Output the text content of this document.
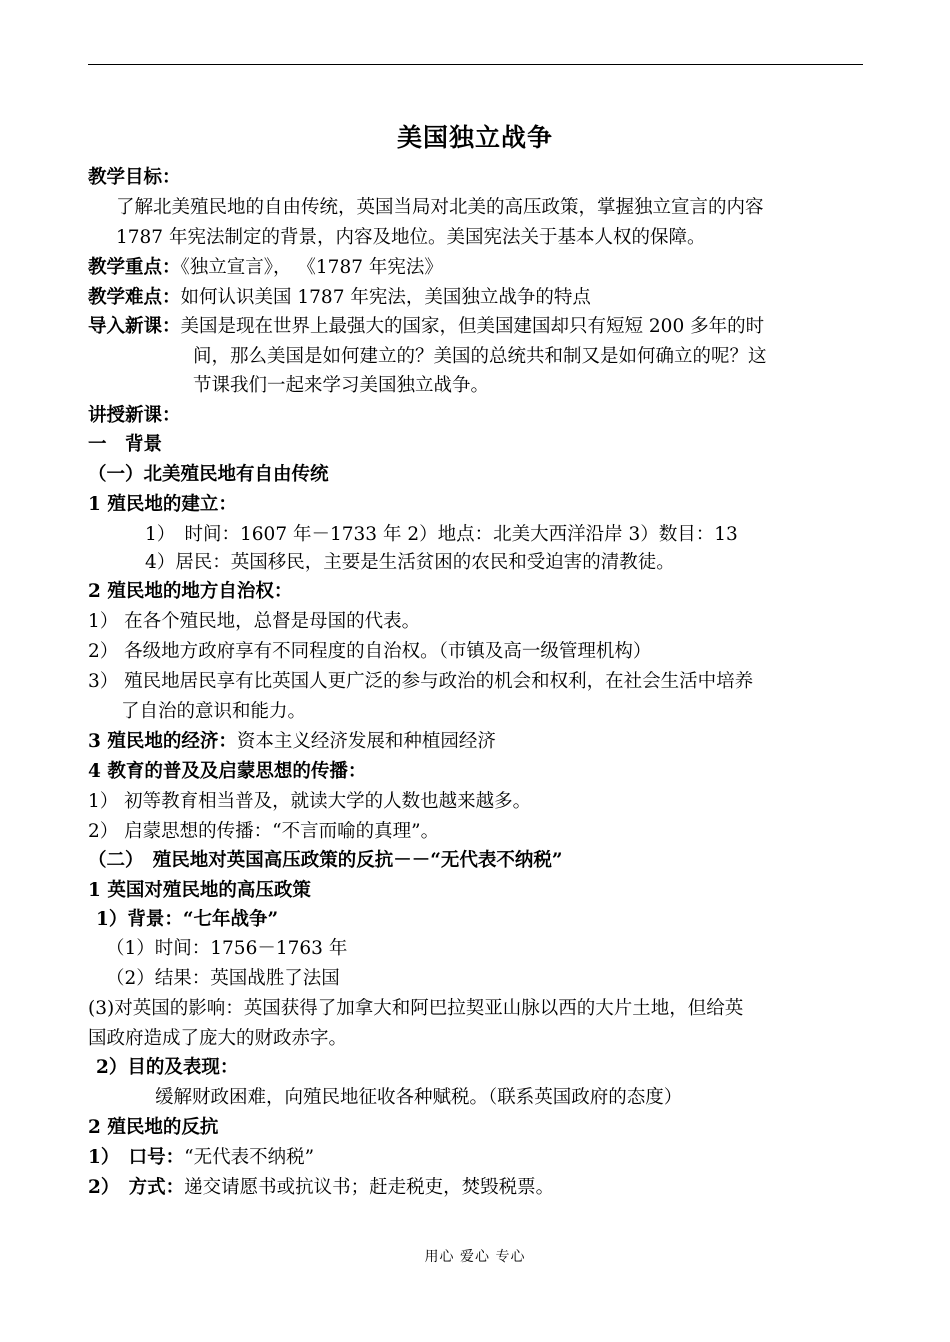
美国独立战争
教学目标：
了解北美殖民地的自由传统，英国当局对北美的高压政策，掌握独立宣言的内容
1787 年宪法制定的背景，内容及地位。美国宪法关于基本人权的保障。
教学重点：《独立宣言》， 《1787 年宪法》
教学难点：如何认识美国 1787 年宪法，美国独立战争的特点
导入新课：美国是现在世界上最强大的国家，但美国建国却只有短短 200 多年的时
间，那么美国是如何建立的？美国的总统共和制又是如何确立的呢？这
节课我们一起来学习美国独立战争。
讲授新课：
一　背景
（一）北美殖民地有自由传统
1 殖民地的建立：
1）　时间：1607 年－1733 年 2）地点：北美大西洋沿岸 3）数目：13
4）居民：英国移民，主要是生活贫困的农民和受迫害的清教徒。
2 殖民地的地方自治权：
1） 在各个殖民地，总督是母国的代表。
2） 各级地方政府享有不同程度的自治权。（市镇及高一级管理机构）
3） 殖民地居民享有比英国人更广泛的参与政治的机会和权利，在社会生活中培养
了自治的意识和能力。
3 殖民地的经济：资本主义经济发展和种植园经济
4 教育的普及及启蒙思想的传播：
1） 初等教育相当普及，就读大学的人数也越来越多。
2） 启蒙思想的传播：“不言而喻的真理”。
（二）　殖民地对英国高压政策的反抗－－“无代表不纳税”
1 英国对殖民地的高压政策
1）背景：“七年战争”
（1）时间：1756－1763 年
（2）结果：英国战胜了法国
(3)对英国的影响：英国获得了加拿大和阿巴拉契亚山脉以西的大片土地，但给英
国政府造成了庞大的财政赤字。
2）目的及表现：
缓解财政困难，向殖民地征收各种赋税。（联系英国政府的态度）
2 殖民地的反抗
1）　口号：“无代表不纳税”
2）　方式：递交请愿书或抗议书；赶走税吏，焚毁税票。
用心 爱心 专心
